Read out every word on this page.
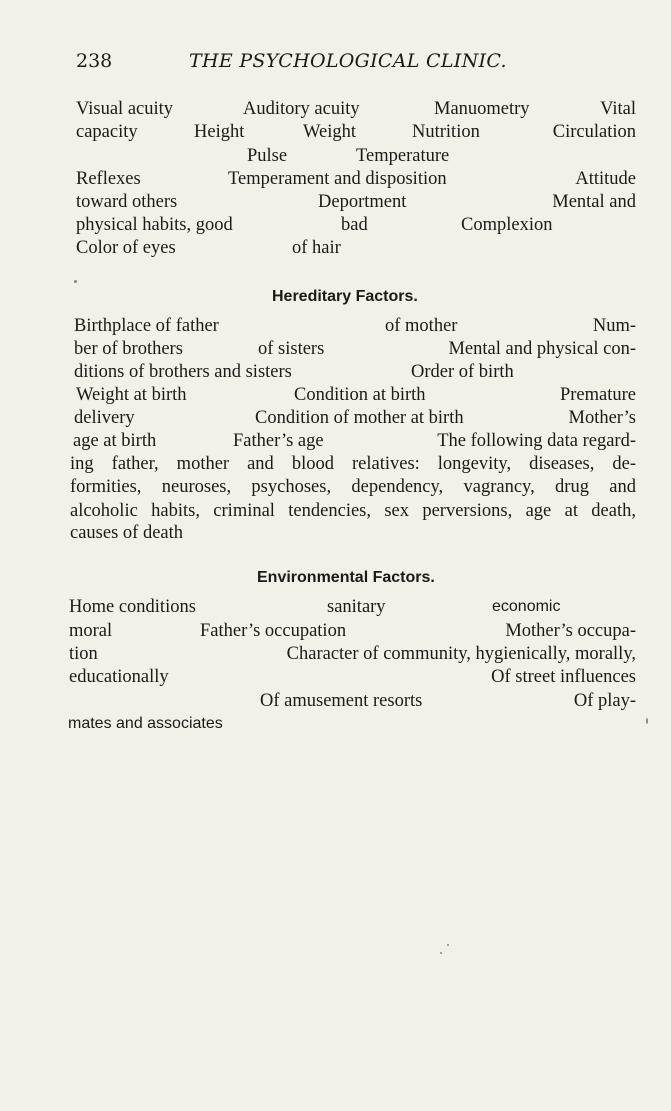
238	THE PSYCHOLOGICAL CLINIC.
Visual acuity	Auditory acuity	Manuometry	Vital
capacity	Height	Weight	Nutrition	Circulation
Pulse	Temperature
Reflexes	Temperament and disposition	Attitude
toward others	Deportment	Mental and
physical habits, good	bad	Complexion
Color of eyes	of hair
Hereditary Factors.
Birthplace of father	of mother	Num-
ber of brothers	of sisters	Mental and physical con-
ditions of brothers and sisters	Order of birth
Weight at birth	Condition at birth	Premature
delivery	Condition of mother at birth	Mother’s
age at birth	Father’s age	The following data regard-
ing father, mother and blood relatives: longevity, diseases, de-
formities, neuroses, psychoses, dependency, vagrancy, drug and
alcoholic habits, criminal tendencies, sex perversions, age at death,
causes of death
Environmental Factors.
Home conditions	sanitary	economic
moral	Father’s occupation	Mother’s occupa-
tion	Character of community, hygienically, morally,
educationally	Of street influences
Of amusement resorts	Of play-
mates and associates
